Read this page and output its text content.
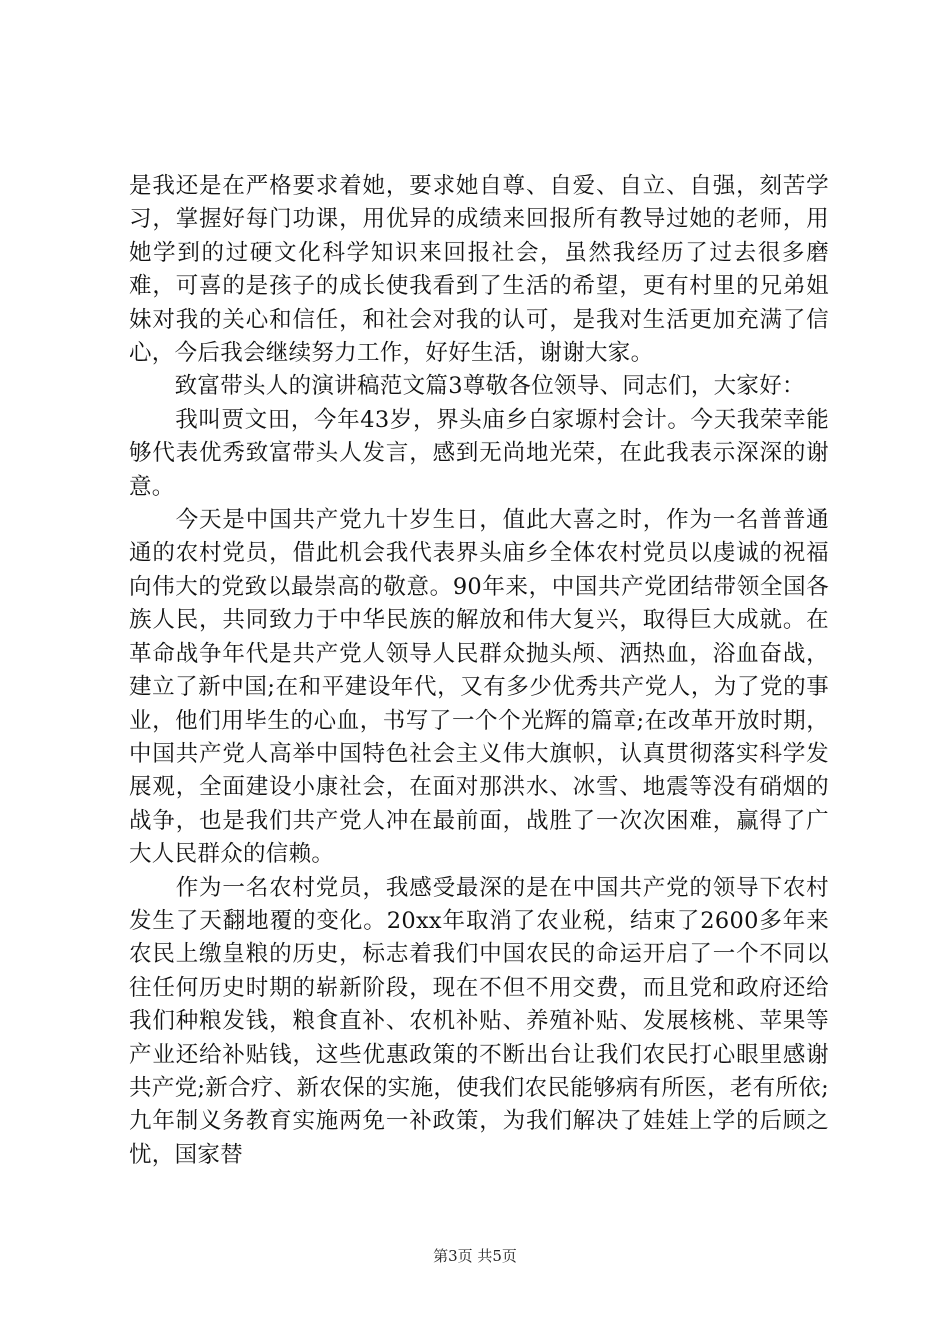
是我还是在严格要求着她，要求她自尊、自爱、自立、自强，刻苦学习，掌握好每门功课，用优异的成绩来回报所有教导过她的老师，用她学到的过硬文化科学知识来回报社会，虽然我经历了过去很多磨难，可喜的是孩子的成长使我看到了生活的希望，更有村里的兄弟姐妹对我的关心和信任，和社会对我的认可，是我对生活更加充满了信心，今后我会继续努力工作，好好生活，谢谢大家。

　　致富带头人的演讲稿范文篇3尊敬各位领导、同志们，大家好：

　　我叫贾文田，今年43岁，界头庙乡白家塬村会计。今天我荣幸能够代表优秀致富带头人发言，感到无尚地光荣，在此我表示深深的谢意。

　　今天是中国共产党九十岁生日，值此大喜之时，作为一名普普通通的农村党员，借此机会我代表界头庙乡全体农村党员以虔诚的祝福向伟大的党致以最崇高的敬意。90年来，中国共产党团结带领全国各族人民，共同致力于中华民族的解放和伟大复兴，取得巨大成就。在革命战争年代是共产党人领导人民群众抛头颅、洒热血，浴血奋战，建立了新中国;在和平建设年代，又有多少优秀共产党人，为了党的事业，他们用毕生的心血，书写了一个个光辉的篇章;在改革开放时期，中国共产党人高举中国特色社会主义伟大旗帜，认真贯彻落实科学发展观，全面建设小康社会，在面对那洪水、冰雪、地震等没有硝烟的战争，也是我们共产党人冲在最前面，战胜了一次次困难，赢得了广大人民群众的信赖。

　　作为一名农村党员，我感受最深的是在中国共产党的领导下农村发生了天翻地覆的变化。20xx年取消了农业税，结束了2600多年来农民上缴皇粮的历史，标志着我们中国农民的命运开启了一个不同以往任何历史时期的崭新阶段，现在不但不用交费，而且党和政府还给我们种粮发钱，粮食直补、农机补贴、养殖补贴、发展核桃、苹果等产业还给补贴钱，这些优惠政策的不断出台让我们农民打心眼里感谢共产党;新合疗、新农保的实施，使我们农民能够病有所医，老有所依;九年制义务教育实施两免一补政策，为我们解决了娃娃上学的后顾之忧，国家替

第3页 共5页
